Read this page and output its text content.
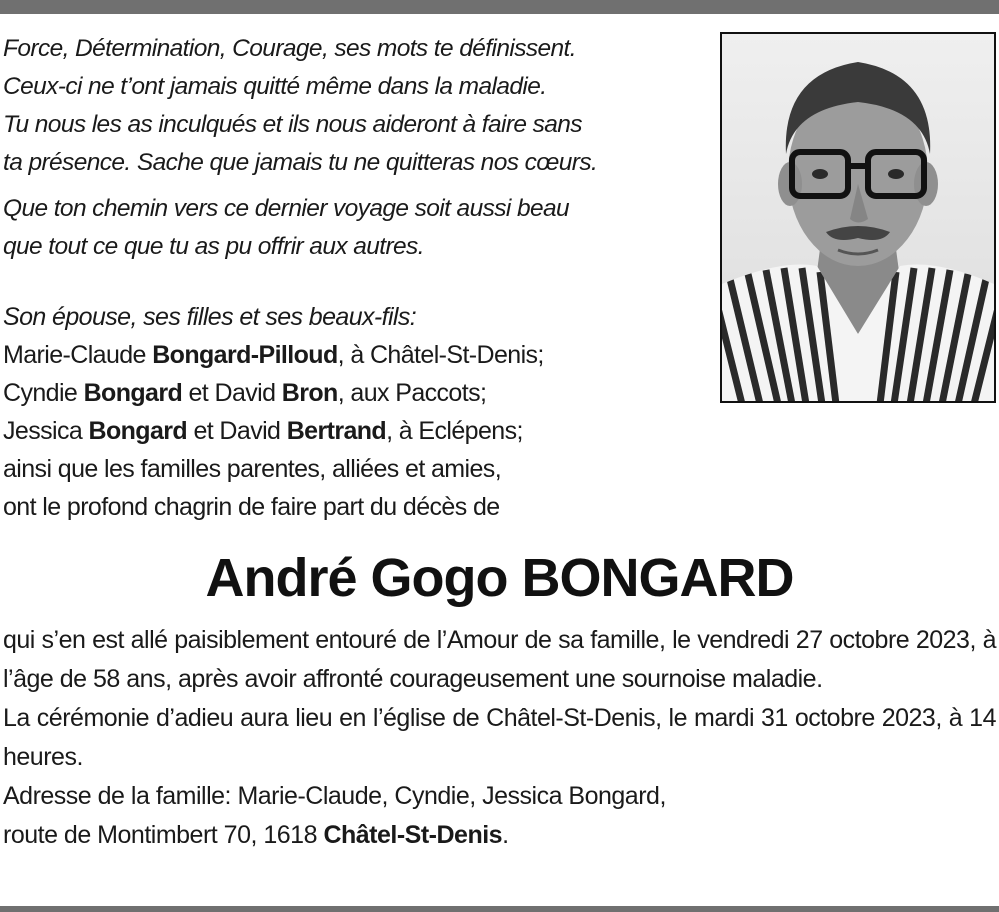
Force, Détermination, Courage, ses mots te définissent.

Ceux-ci ne t’ont jamais quitté même dans la maladie.

Tu nous les as inculqués et ils nous aideront à faire sans

ta présence. Sache que jamais tu ne quitteras nos cœurs.

Que ton chemin vers ce dernier voyage soit aussi beau

que tout ce que tu as pu offrir aux autres.

Son épouse, ses filles et ses beaux-fils:
Marie-Claude Bongard-Pilloud, à Châtel-St-Denis;
Cyndie Bongard et David Bron, aux Paccots;
Jessica Bongard et David Bertrand, à Eclépens;
ainsi que les familles parentes, alliées et amies,
ont le profond chagrin de faire part du décès de
André Gogo BONGARD

qui s’en est allé paisiblement entouré de l’Amour de sa famille, le vendredi 27 octobre 2023, à l’âge de 58 ans, après avoir affronté courageusement une sournoise maladie.

La cérémonie d’adieu aura lieu en l’église de Châtel-St-Denis, le mardi 31 octobre 2023, à 14 heures.

Adresse de la famille: Marie-Claude, Cyndie, Jessica Bongard,

route de Montimbert 70, 1618 Châtel-St-Denis.
